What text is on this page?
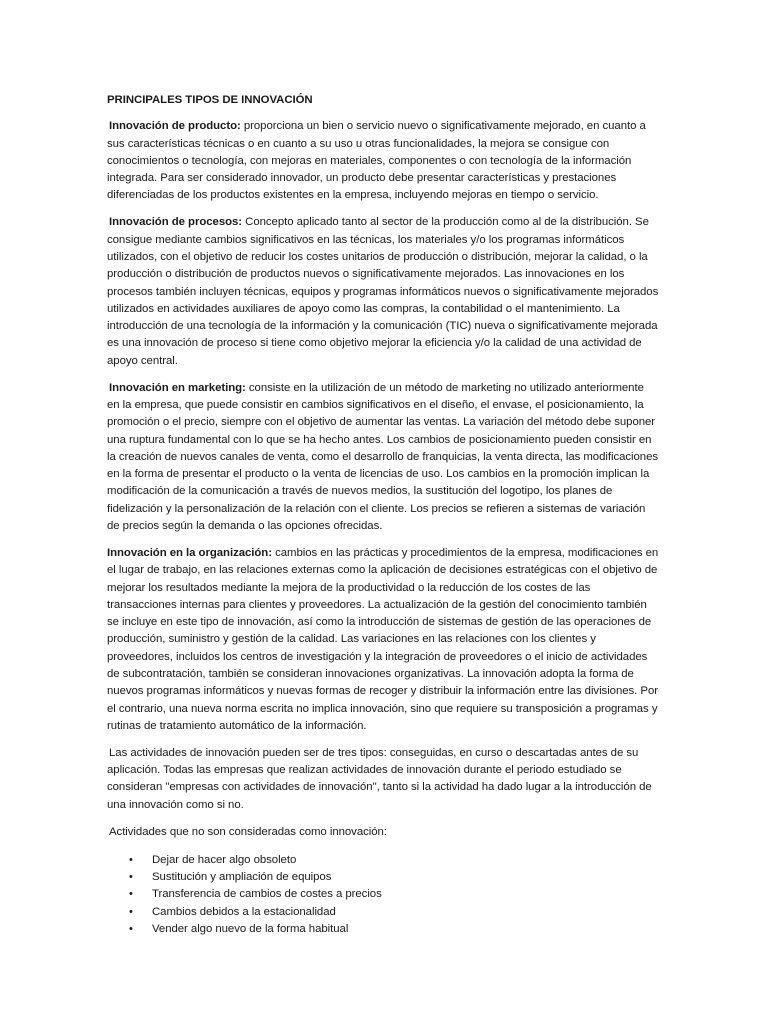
PRINCIPALES TIPOS DE INNOVACIÓN

Innovación de producto: proporciona un bien o servicio nuevo o significativamente mejorado, en cuanto a sus características técnicas o en cuanto a su uso u otras funcionalidades, la mejora se consigue con conocimientos o tecnología, con mejoras en materiales, componentes o con tecnología de la información integrada. Para ser considerado innovador, un producto debe presentar características y prestaciones diferenciadas de los productos existentes en la empresa, incluyendo mejoras en tiempo o servicio.

Innovación de procesos: Concepto aplicado tanto al sector de la producción como al de la distribución. Se consigue mediante cambios significativos en las técnicas, los materiales y/o los programas informáticos utilizados, con el objetivo de reducir los costes unitarios de producción o distribución, mejorar la calidad, o la producción o distribución de productos nuevos o significativamente mejorados. Las innovaciones en los procesos también incluyen técnicas, equipos y programas informáticos nuevos o significativamente mejorados utilizados en actividades auxiliares de apoyo como las compras, la contabilidad o el mantenimiento. La introducción de una tecnología de la información y la comunicación (TIC) nueva o significativamente mejorada es una innovación de proceso si tiene como objetivo mejorar la eficiencia y/o la calidad de una actividad de apoyo central.

Innovación en marketing: consiste en la utilización de un método de marketing no utilizado anteriormente en la empresa, que puede consistir en cambios significativos en el diseño, el envase, el posicionamiento, la promoción o el precio, siempre con el objetivo de aumentar las ventas. La variación del método debe suponer una ruptura fundamental con lo que se ha hecho antes. Los cambios de posicionamiento pueden consistir en la creación de nuevos canales de venta, como el desarrollo de franquicias, la venta directa, las modificaciones en la forma de presentar el producto o la venta de licencias de uso. Los cambios en la promoción implican la modificación de la comunicación a través de nuevos medios, la sustitución del logotipo, los planes de fidelización y la personalización de la relación con el cliente. Los precios se refieren a sistemas de variación de precios según la demanda o las opciones ofrecidas.

Innovación en la organización: cambios en las prácticas y procedimientos de la empresa, modificaciones en el lugar de trabajo, en las relaciones externas como la aplicación de decisiones estratégicas con el objetivo de mejorar los resultados mediante la mejora de la productividad o la reducción de los costes de las transacciones internas para clientes y proveedores. La actualización de la gestión del conocimiento también se incluye en este tipo de innovación, así como la introducción de sistemas de gestión de las operaciones de producción, suministro y gestión de la calidad. Las variaciones en las relaciones con los clientes y proveedores, incluidos los centros de investigación y la integración de proveedores o el inicio de actividades de subcontratación, también se consideran innovaciones organizativas. La innovación adopta la forma de nuevos programas informáticos y nuevas formas de recoger y distribuir la información entre las divisiones. Por el contrario, una nueva norma escrita no implica innovación, sino que requiere su transposición a programas y rutinas de tratamiento automático de la información.

Las actividades de innovación pueden ser de tres tipos: conseguidas, en curso o descartadas antes de su aplicación. Todas las empresas que realizan actividades de innovación durante el periodo estudiado se consideran "empresas con actividades de innovación", tanto si la actividad ha dado lugar a la introducción de una innovación como si no.

Actividades que no son consideradas como innovación:

• Dejar de hacer algo obsoleto
• Sustitución y ampliación de equipos
• Transferencia de cambios de costes a precios
• Cambios debidos a la estacionalidad
• Vender algo nuevo de la forma habitual
